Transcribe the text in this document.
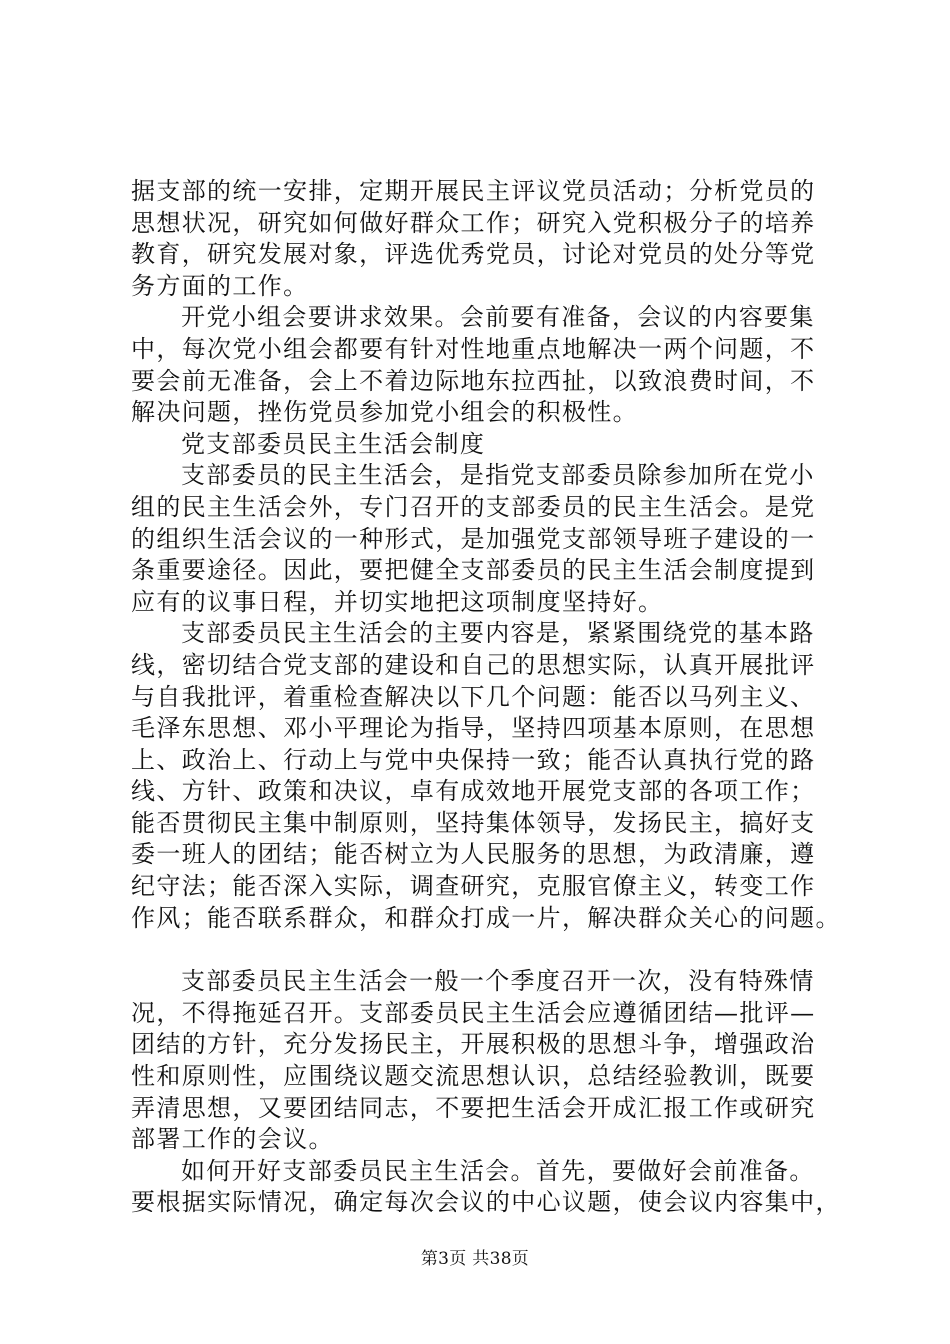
据支部的统一安排，定期开展民主评议党员活动；分析党员的
思想状况，研究如何做好群众工作；研究入党积极分子的培养
教育，研究发展对象，评选优秀党员，讨论对党员的处分等党
务方面的工作。
开党小组会要讲求效果。会前要有准备，会议的内容要集
中，每次党小组会都要有针对性地重点地解决一两个问题，不
要会前无准备，会上不着边际地东拉西扯，以致浪费时间，不
解决问题，挫伤党员参加党小组会的积极性。
党支部委员民主生活会制度
支部委员的民主生活会，是指党支部委员除参加所在党小
组的民主生活会外，专门召开的支部委员的民主生活会。是党
的组织生活会议的一种形式，是加强党支部领导班子建设的一
条重要途径。因此，要把健全支部委员的民主生活会制度提到
应有的议事日程，并切实地把这项制度坚持好。
支部委员民主生活会的主要内容是，紧紧围绕党的基本路
线，密切结合党支部的建设和自己的思想实际，认真开展批评
与自我批评，着重检查解决以下几个问题：能否以马列主义、
毛泽东思想、邓小平理论为指导，坚持四项基本原则，在思想
上、政治上、行动上与党中央保持一致；能否认真执行党的路
线、方针、政策和决议，卓有成效地开展党支部的各项工作；
能否贯彻民主集中制原则，坚持集体领导，发扬民主，搞好支
委一班人的团结；能否树立为人民服务的思想，为政清廉，遵
纪守法；能否深入实际，调查研究，克服官僚主义，转变工作
作风；能否联系群众，和群众打成一片，解决群众关心的问题。
支部委员民主生活会一般一个季度召开一次，没有特殊情
况，不得拖延召开。支部委员民主生活会应遵循团结—批评—
团结的方针，充分发扬民主，开展积极的思想斗争，增强政治
性和原则性，应围绕议题交流思想认识，总结经验教训，既要
弄清思想，又要团结同志，不要把生活会开成汇报工作或研究
部署工作的会议。
如何开好支部委员民主生活会。首先，要做好会前准备。
要根据实际情况，确定每次会议的中心议题，使会议内容集中，
第3页 共38页
